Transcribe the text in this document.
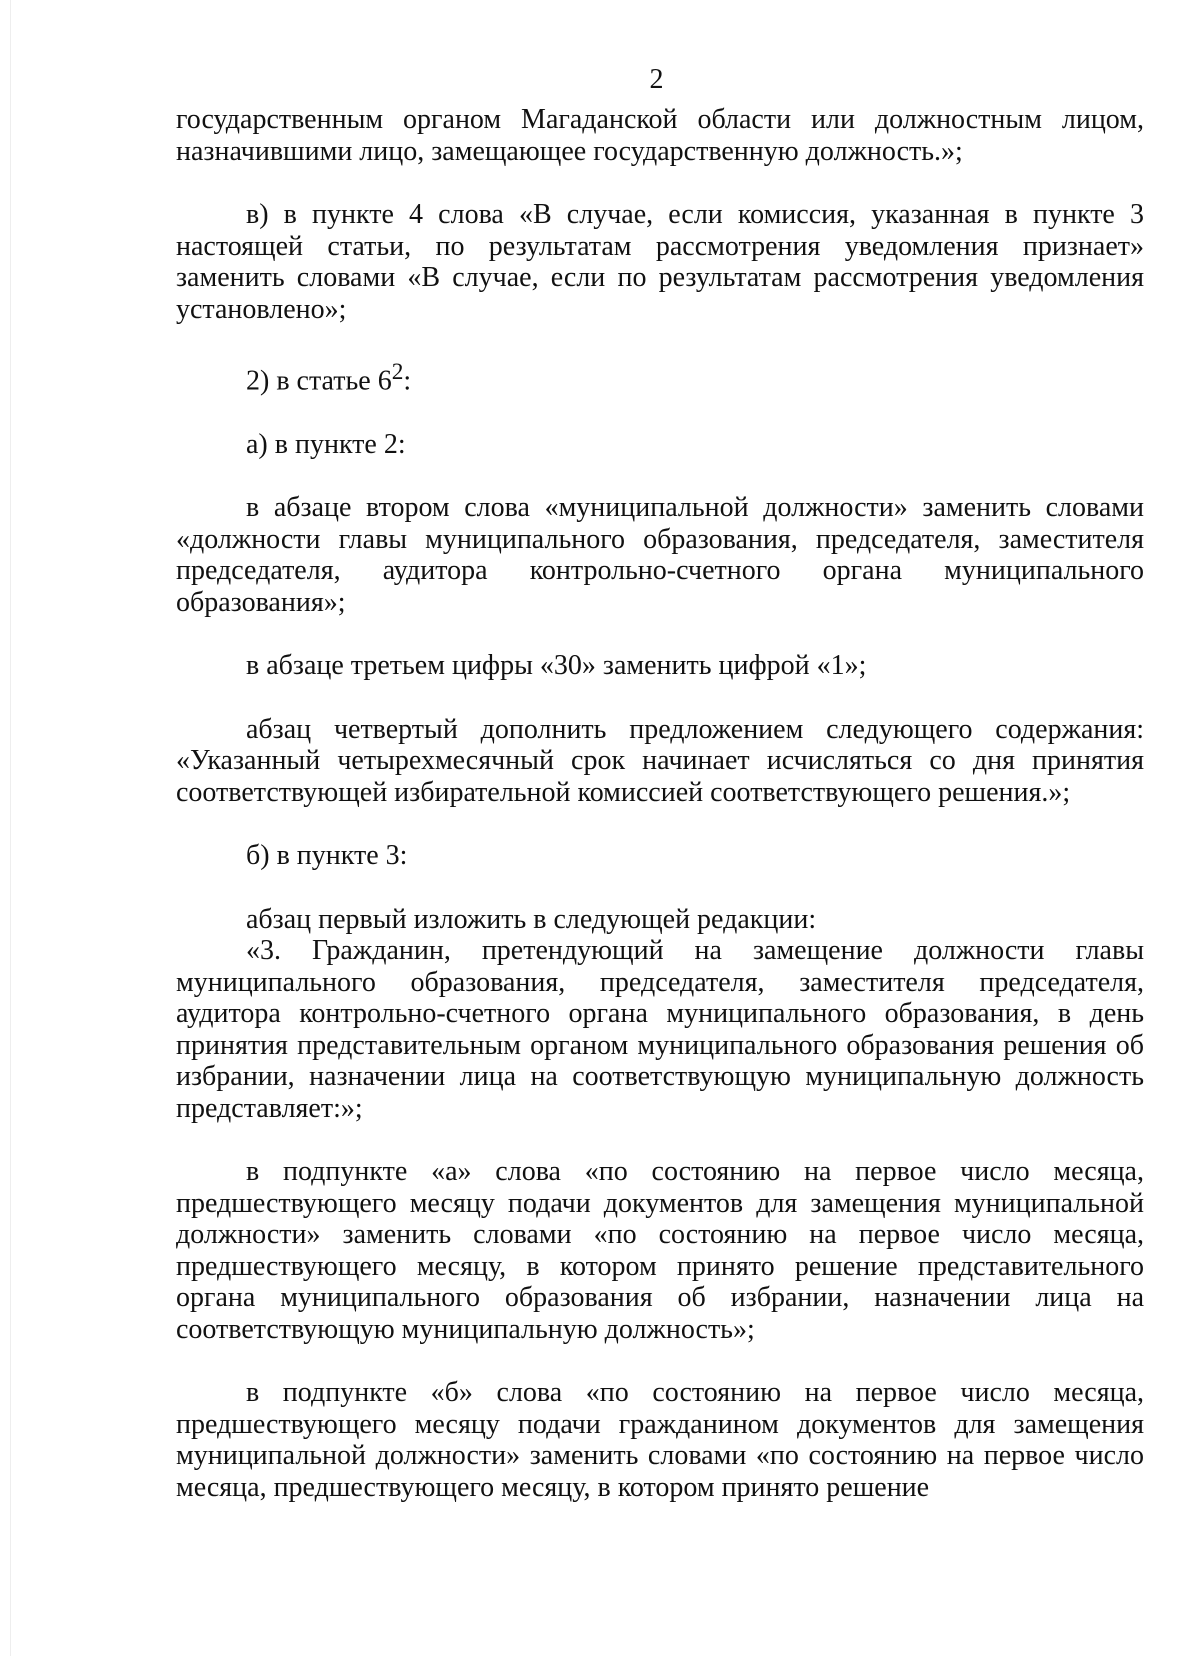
2

государственным органом Магаданской области или должностным лицом, назначившими лицо, замещающее государственную должность.»;

в) в пункте 4 слова «В случае, если комиссия, указанная в пункте 3 настоящей статьи, по результатам рассмотрения уведомления признает» заменить словами «В случае, если по результатам рассмотрения уведомления установлено»;

2) в статье $6^2$:

а) в пункте 2:

в абзаце втором слова «муниципальной должности» заменить словами «должности главы муниципального образования, председателя, заместителя председателя, аудитора контрольно-счетного органа муниципального образования»;

в абзаце третьем цифры «30» заменить цифрой «1»;

абзац четвертый дополнить предложением следующего содержания: «Указанный четырехмесячный срок начинает исчисляться со дня принятия соответствующей избирательной комиссией соответствующего решения.»;

б) в пункте 3:

абзац первый изложить в следующей редакции:

«3. Гражданин, претендующий на замещение должности главы муниципального образования, председателя, заместителя председателя, аудитора контрольно-счетного органа муниципального образования, в день принятия представительным органом муниципального образования решения об избрании, назначении лица на соответствующую муниципальную должность представляет:»;

в подпункте «а» слова «по состоянию на первое число месяца, предшествующего месяцу подачи документов для замещения муниципальной должности» заменить словами «по состоянию на первое число месяца, предшествующего месяцу, в котором принято решение представительного органа муниципального образования об избрании, назначении лица на соответствующую муниципальную должность»;

в подпункте «б» слова «по состоянию на первое число месяца, предшествующего месяцу подачи гражданином документов для замещения муниципальной должности» заменить словами «по состоянию на первое число месяца, предшествующего месяцу, в котором принято решение
